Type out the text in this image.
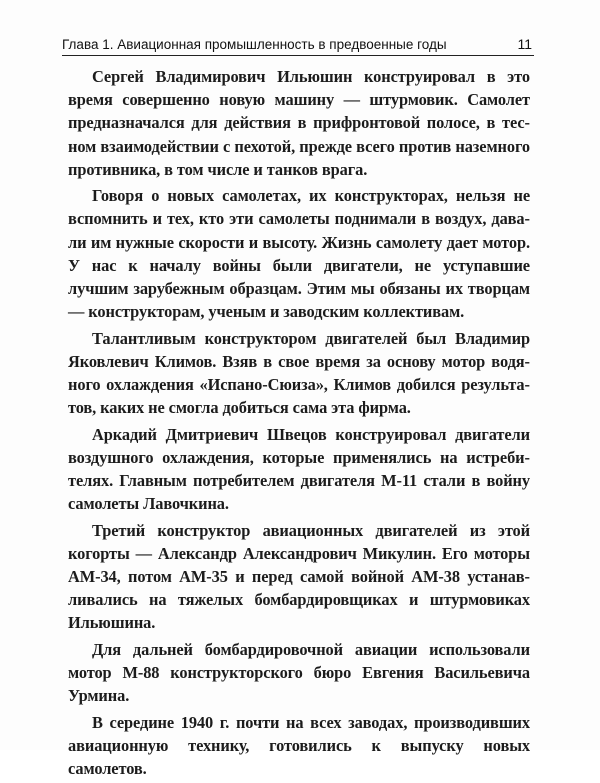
Глава 1. Авиационная промышленность в предвоенные годы	11

Сергей Владимирович Ильюшин конструировал в это время совершенно новую машину — штурмовик. Самолет предназначался для действия в прифронтовой полосе, в тесном взаимодействии с пехотой, прежде всего против наземного противника, в том числе и танков врага.

Говоря о новых самолетах, их конструкторах, нельзя не вспомнить и тех, кто эти самолеты поднимали в воздух, давали им нужные скорости и высоту. Жизнь самолету дает мотор. У нас к началу войны были двигатели, не уступавшие лучшим зарубежным образцам. Этим мы обязаны их творцам — конструкторам, ученым и заводским коллективам.

Талантливым конструктором двигателей был Владимир Яковлевич Климов. Взяв в свое время за основу мотор водяного охлаждения «Испано-Сюиза», Климов добился результатов, каких не смогла добиться сама эта фирма.

Аркадий Дмитриевич Швецов конструировал двигатели воздушного охлаждения, которые применялись на истребителях. Главным потребителем двигателя М-11 стали в войну самолеты Лавочкина.

Третий конструктор авиационных двигателей из этой когорты — Александр Александрович Микулин. Его моторы АМ-34, потом АМ-35 и перед самой войной АМ-38 устанавливались на тяжелых бомбардировщиках и штурмовиках Ильюшина.

Для дальней бомбардировочной авиации использовали мотор М-88 конструкторского бюро Евгения Васильевича Урмина.

В середине 1940 г. почти на всех заводах, производивших авиационную технику, готовились к выпуску новых самолетов.
